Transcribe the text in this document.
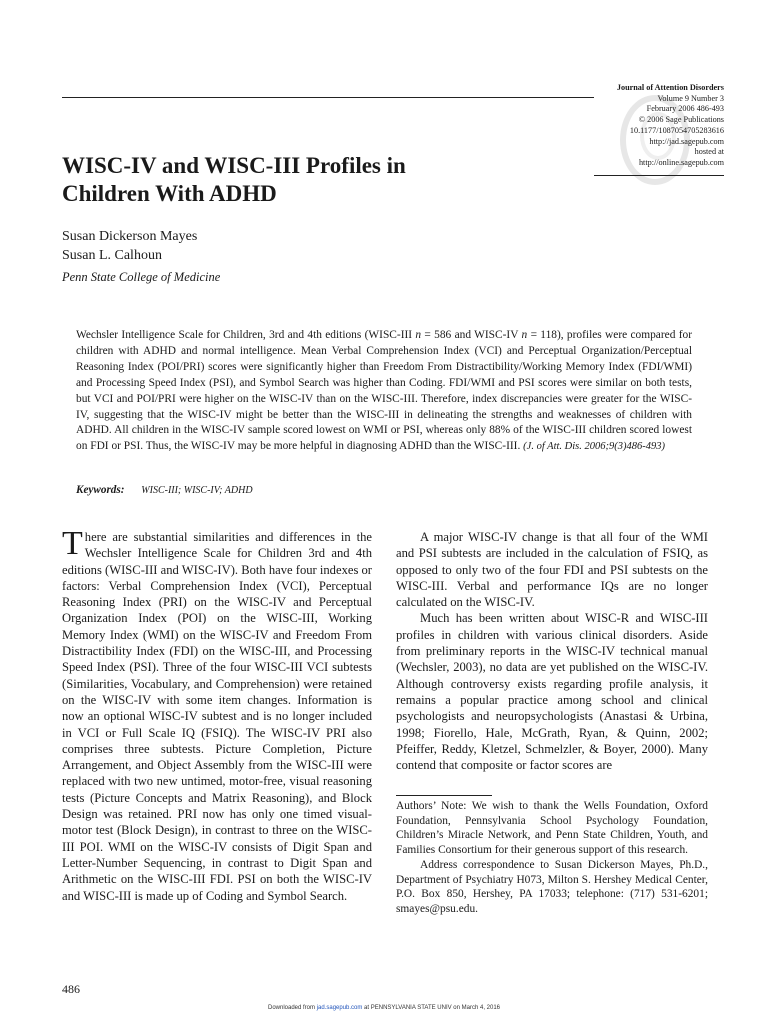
Journal of Attention Disorders
Volume 9 Number 3
February 2006 486-493
© 2006 Sage Publications
10.1177/1087054705283616
http://jad.sagepub.com
hosted at
http://online.sagepub.com
WISC-IV and WISC-III Profiles in
Children With ADHD
Susan Dickerson Mayes
Susan L. Calhoun
Penn State College of Medicine
Wechsler Intelligence Scale for Children, 3rd and 4th editions (WISC-III n = 586 and WISC-IV n = 118), profiles were compared for children with ADHD and normal intelligence. Mean Verbal Comprehension Index (VCI) and Perceptual Organization/Perceptual Reasoning Index (POI/PRI) scores were significantly higher than Freedom From Distractibility/Working Memory Index (FDI/WMI) and Processing Speed Index (PSI), and Symbol Search was higher than Coding. FDI/WMI and PSI scores were similar on both tests, but VCI and POI/PRI were higher on the WISC-IV than on the WISC-III. Therefore, index discrepancies were greater for the WISC-IV, suggesting that the WISC-IV might be better than the WISC-III in delineating the strengths and weaknesses of children with ADHD. All children in the WISC-IV sample scored lowest on WMI or PSI, whereas only 88% of the WISC-III children scored lowest on FDI or PSI. Thus, the WISC-IV may be more helpful in diagnosing ADHD than the WISC-III. (J. of Att. Dis. 2006;9(3)486-493)
Keywords: WISC-III; WISC-IV; ADHD

There are substantial similarities and differences in the Wechsler Intelligence Scale for Children 3rd and 4th editions (WISC-III and WISC-IV). Both have four indexes or factors: Verbal Comprehension Index (VCI), Perceptual Reasoning Index (PRI) on the WISC-IV and Perceptual Organization Index (POI) on the WISC-III, Working Memory Index (WMI) on the WISC-IV and Freedom From Distractibility Index (FDI) on the WISC-III, and Processing Speed Index (PSI). Three of the four WISC-III VCI subtests (Similarities, Vocabulary, and Comprehension) were retained on the WISC-IV with some item changes. Information is now an optional WISC-IV subtest and is no longer included in VCI or Full Scale IQ (FSIQ). The WISC-IV PRI also comprises three subtests. Picture Completion, Picture Arrangement, and Object Assembly from the WISC-III were replaced with two new untimed, motor-free, visual reasoning tests (Picture Concepts and Matrix Reasoning), and Block Design was retained. PRI now has only one timed visual-motor test (Block Design), in contrast to three on the WISC-III POI. WMI on the WISC-IV consists of Digit Span and Letter-Number Sequencing, in contrast to Digit Span and Arithmetic on the WISC-III FDI. PSI on both the WISC-IV and WISC-III is made up of Coding and Symbol Search.

A major WISC-IV change is that all four of the WMI and PSI subtests are included in the calculation of FSIQ, as opposed to only two of the four FDI and PSI subtests on the WISC-III. Verbal and performance IQs are no longer calculated on the WISC-IV.

Much has been written about WISC-R and WISC-III profiles in children with various clinical disorders. Aside from preliminary reports in the WISC-IV technical manual (Wechsler, 2003), no data are yet published on the WISC-IV. Although controversy exists regarding profile analysis, it remains a popular practice among school and clinical psychologists and neuropsychologists (Anastasi & Urbina, 1998; Fiorello, Hale, McGrath, Ryan, & Quinn, 2002; Pfeiffer, Reddy, Kletzel, Schmelzler, & Boyer, 2000). Many contend that composite or factor scores are

Authors’ Note: We wish to thank the Wells Foundation, Oxford Foundation, Pennsylvania School Psychology Foundation, Children’s Miracle Network, and Penn State Children, Youth, and Families Consortium for their generous support of this research.

Address correspondence to Susan Dickerson Mayes, Ph.D., Department of Psychiatry H073, Milton S. Hershey Medical Center, P.O. Box 850, Hershey, PA 17033; telephone: (717) 531-6201; smayes@psu.edu.

486
Downloaded from jad.sagepub.com at PENNSYLVANIA STATE UNIV on March 4, 2016
